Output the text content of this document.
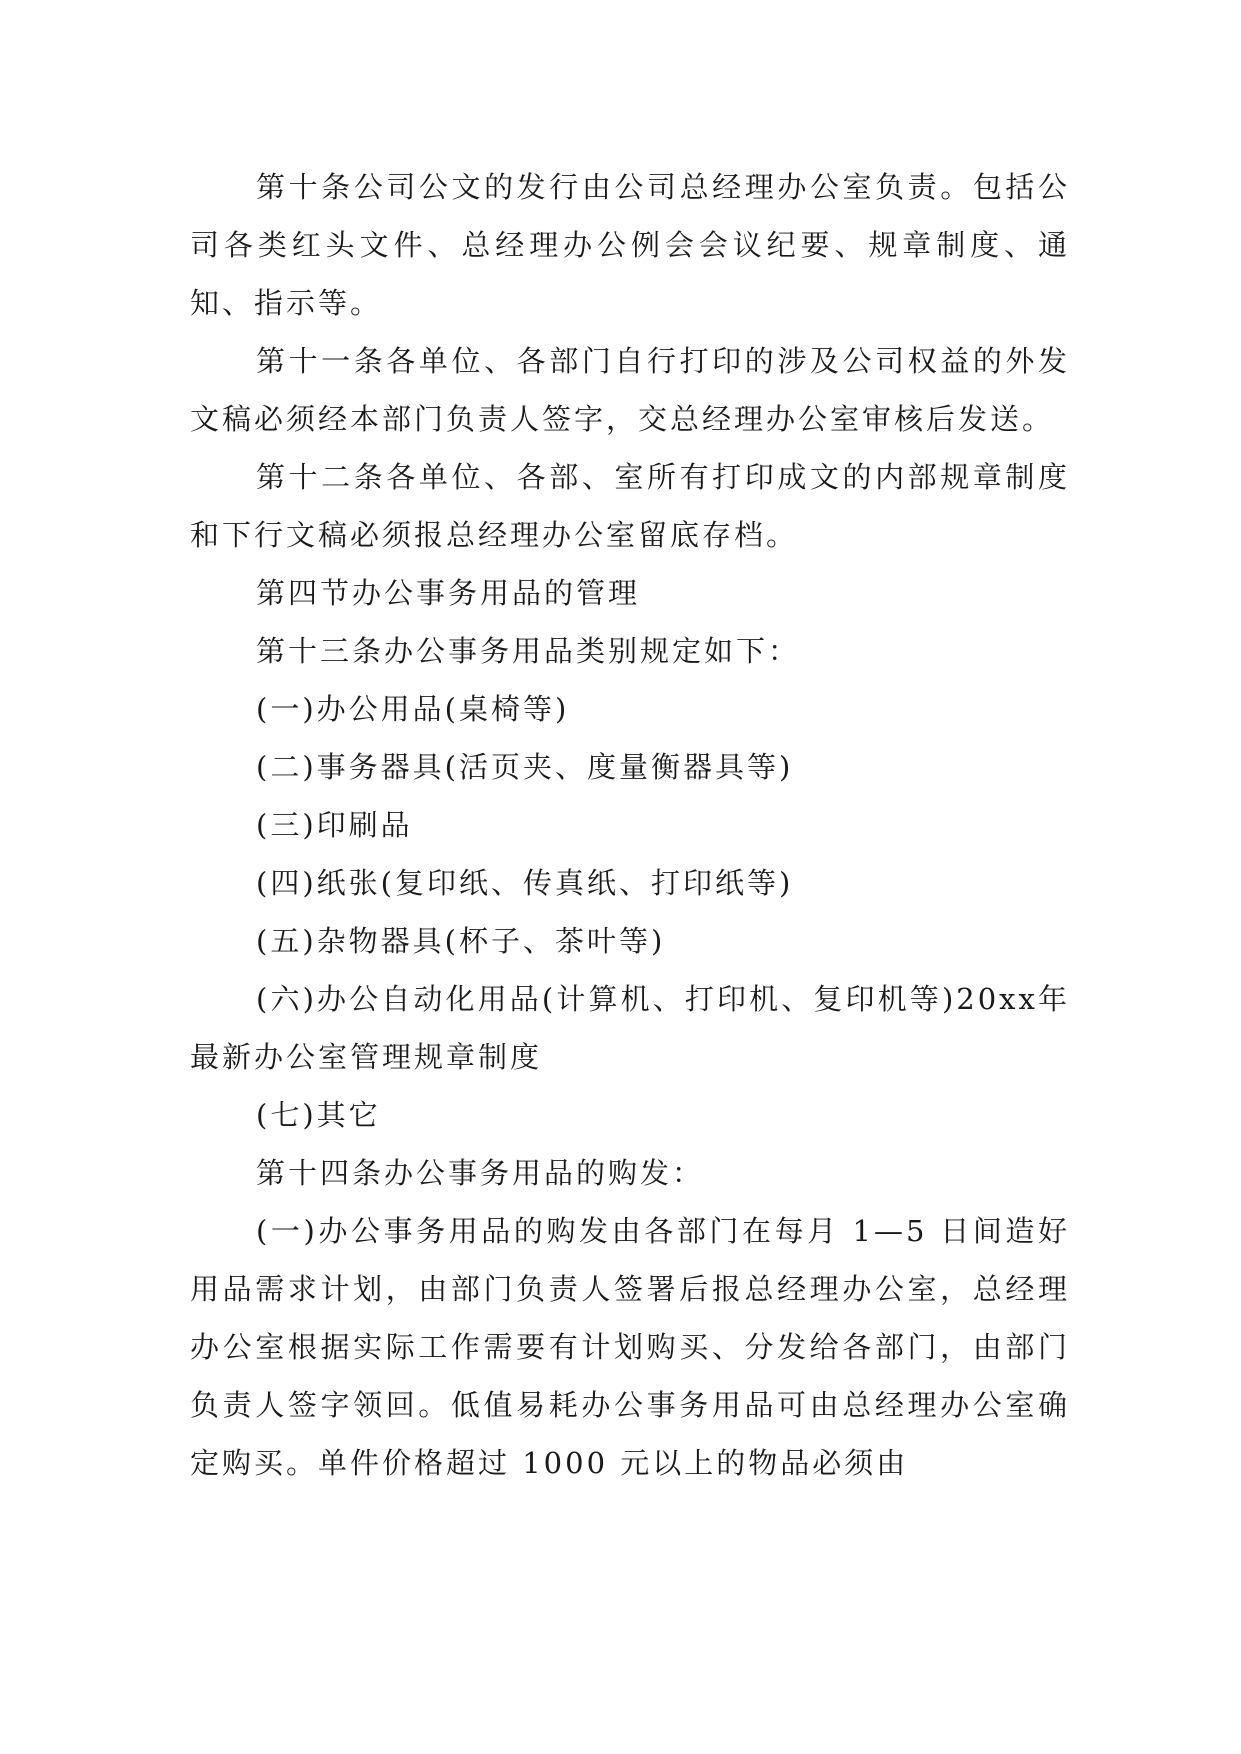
第十条公司公文的发行由公司总经理办公室负责。包括公司各类红头文件、总经理办公例会会议纪要、规章制度、通知、指示等。

第十一条各单位、各部门自行打印的涉及公司权益的外发文稿必须经本部门负责人签字，交总经理办公室审核后发送。

第十二条各单位、各部、室所有打印成文的内部规章制度和下行文稿必须报总经理办公室留底存档。

第四节办公事务用品的管理

第十三条办公事务用品类别规定如下：

(一)办公用品(桌椅等)

(二)事务器具(活页夹、度量衡器具等)

(三)印刷品

(四)纸张(复印纸、传真纸、打印纸等)

(五)杂物器具(杯子、茶叶等)

(六)办公自动化用品(计算机、打印机、复印机等)20xx年最新办公室管理规章制度

(七)其它

第十四条办公事务用品的购发：

(一)办公事务用品的购发由各部门在每月 1—5 日间造好用品需求计划，由部门负责人签署后报总经理办公室，总经理办公室根据实际工作需要有计划购买、分发给各部门，由部门负责人签字领回。低值易耗办公事务用品可由总经理办公室确定购买。单件价格超过 1000 元以上的物品必须由
